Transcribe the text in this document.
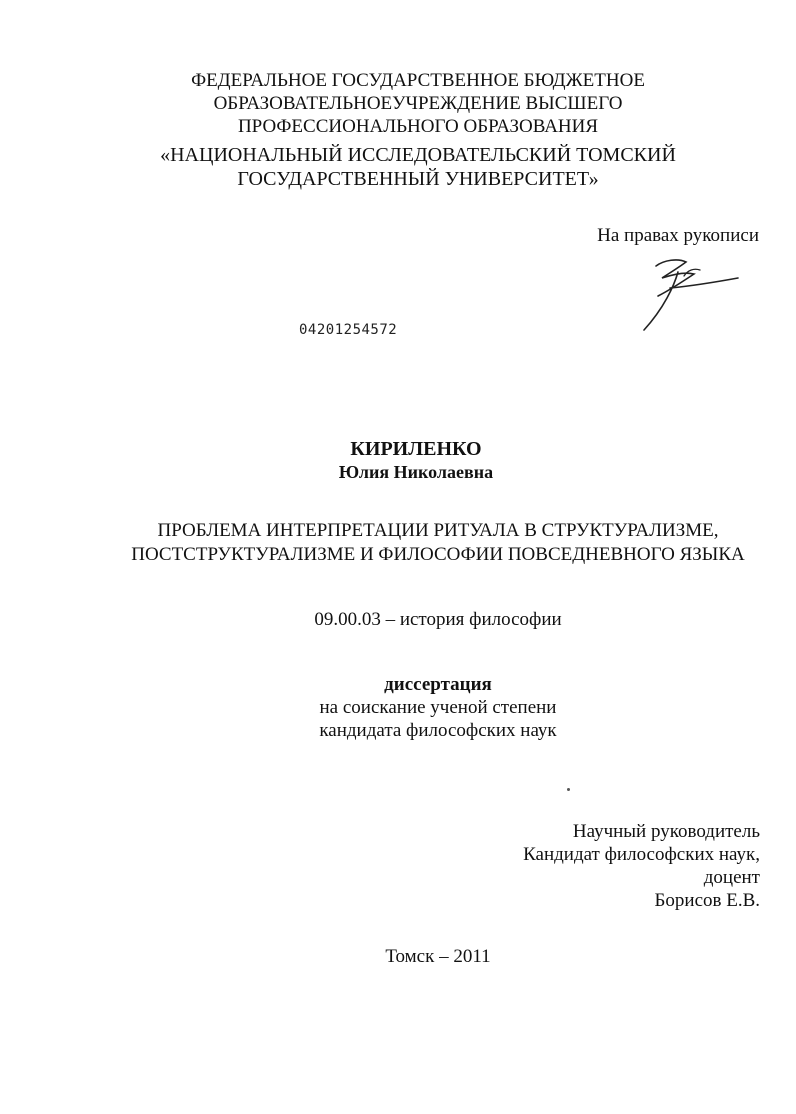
ФЕДЕРАЛЬНОЕ ГОСУДАРСТВЕННОЕ БЮДЖЕТНОЕ
ОБРАЗОВАТЕЛЬНОЕУЧРЕЖДЕНИЕ ВЫСШЕГО
ПРОФЕССИОНАЛЬНОГО ОБРАЗОВАНИЯ
«НАЦИОНАЛЬНЫЙ ИССЛЕДОВАТЕЛЬСКИЙ ТОМСКИЙ
ГОСУДАРСТВЕННЫЙ УНИВЕРСИТЕТ»
На правах рукописи
04201254572
КИРИЛЕНКО
Юлия Николаевна
ПРОБЛЕМА ИНТЕРПРЕТАЦИИ РИТУАЛА В СТРУКТУРАЛИЗМЕ,
ПОСТСТРУКТУРАЛИЗМЕ И ФИЛОСОФИИ ПОВСЕДНЕВНОГО ЯЗЫКА
09.00.03 – история философии
диссертация
на соискание ученой степени
кандидата философских наук
Научный руководитель
Кандидат философских наук,
доцент
Борисов Е.В.
Томск – 2011
